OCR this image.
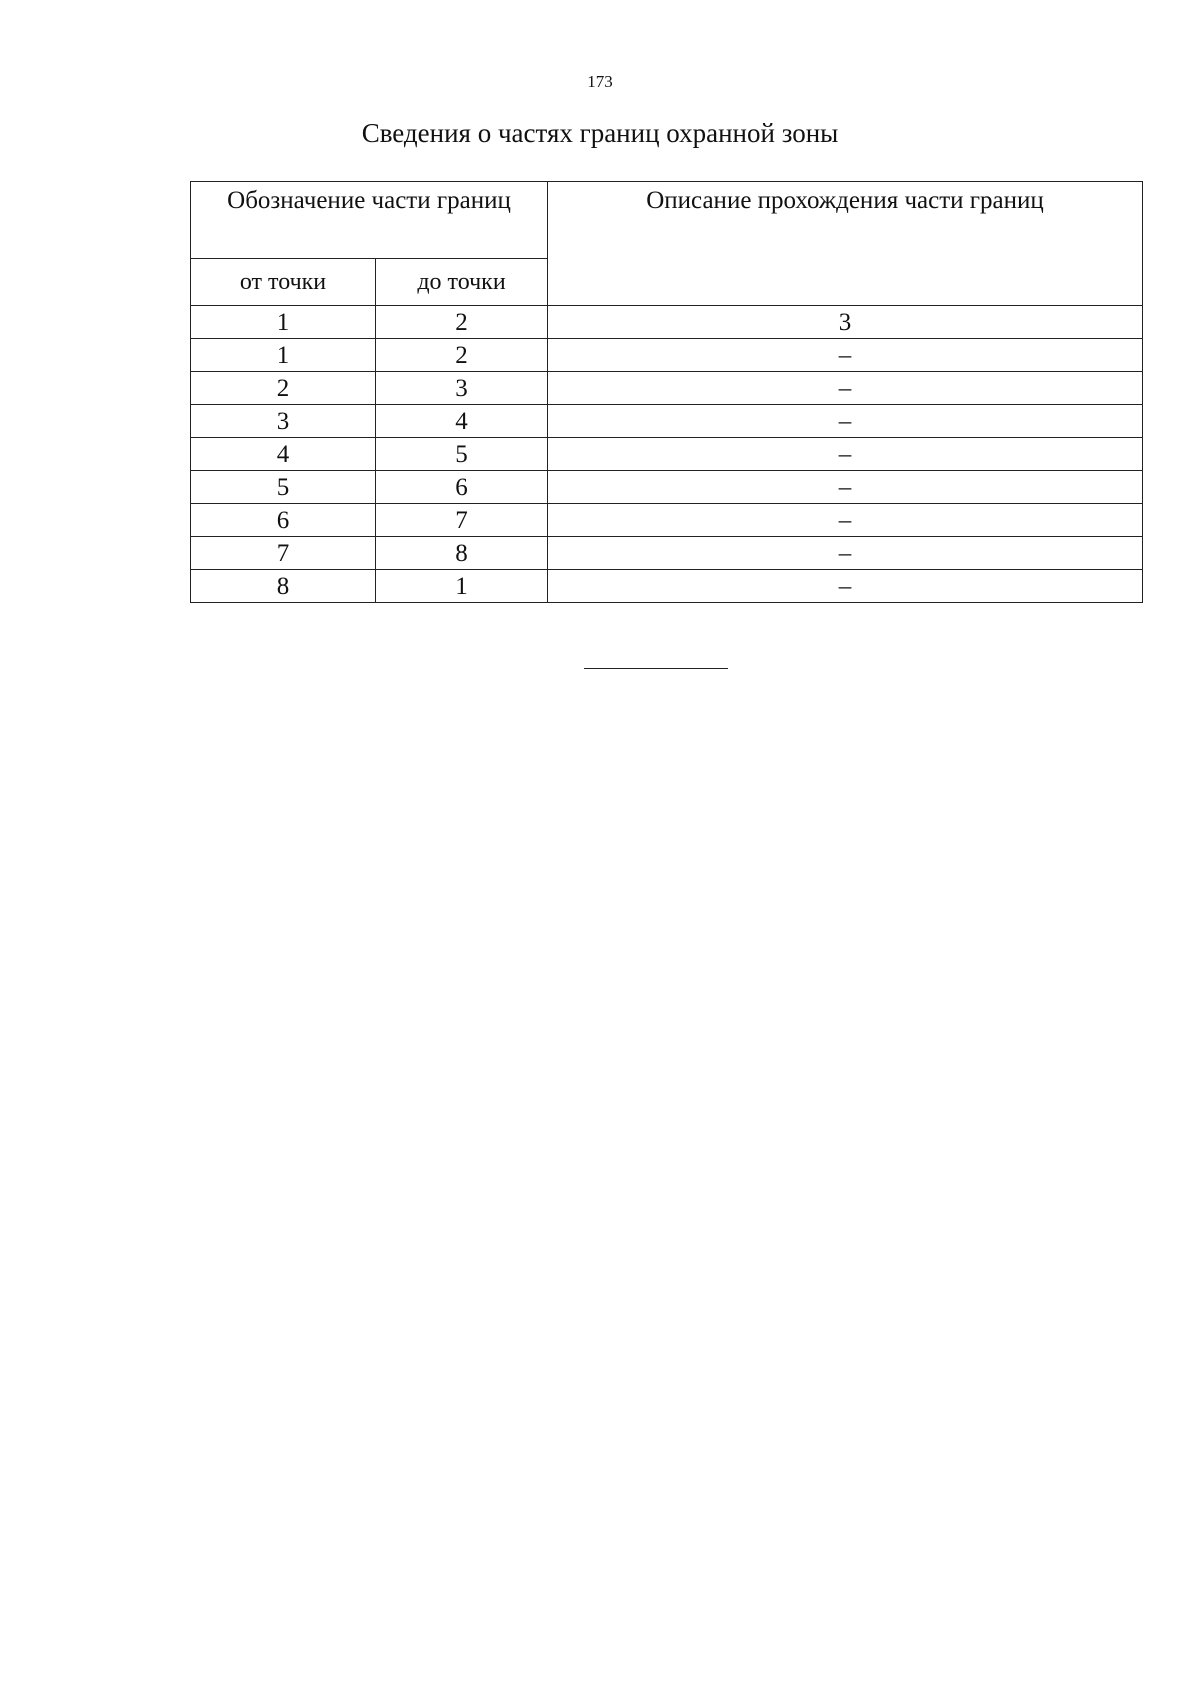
173
Сведения о частях границ охранной зоны
Обозначение части границ		Описание прохождения части границ
от точки	до точки	
1	2	3
1	2	–
2	3	–
3	4	–
4	5	–
5	6	–
6	7	–
7	8	–
8	1	–
